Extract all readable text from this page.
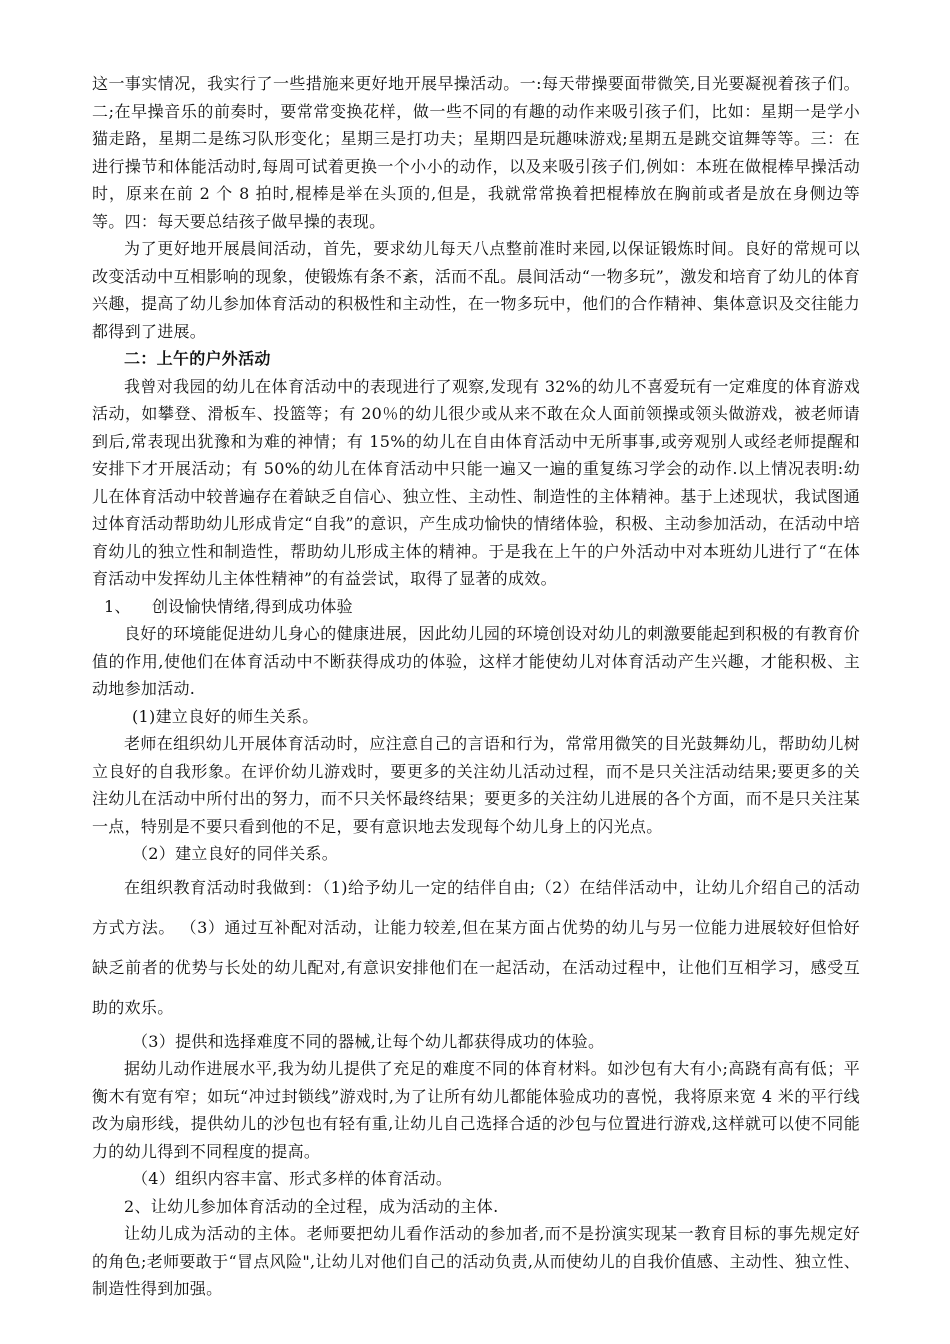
这一事实情况，我实行了一些措施来更好地开展早操活动。一:每天带操要面带微笑,目光要凝视着孩子们。二;在早操音乐的前奏时，要常常变换花样，做一些不同的有趣的动作来吸引孩子们，比如：星期一是学小猫走路，星期二是练习队形变化；星期三是打功夫；星期四是玩趣味游戏;星期五是跳交谊舞等等。三：在进行操节和体能活动时,每周可试着更换一个小小的动作，以及来吸引孩子们,例如：本班在做棍棒早操活动时，原来在前 2 个 8 拍时,棍棒是举在头顶的,但是，我就常常换着把棍棒放在胸前或者是放在身侧边等等。四：每天要总结孩子做早操的表现。

为了更好地开展晨间活动，首先，要求幼儿每天八点整前准时来园,以保证锻炼时间。良好的常规可以改变活动中互相影响的现象，使锻炼有条不紊，活而不乱。晨间活动“一物多玩”，激发和培育了幼儿的体育兴趣，提高了幼儿参加体育活动的积极性和主动性，在一物多玩中，他们的合作精神、集体意识及交往能力都得到了进展。

二：上午的户外活动

我曾对我园的幼儿在体育活动中的表现进行了观察,发现有 32%的幼儿不喜爱玩有一定难度的体育游戏活动，如攀登、滑板车、投篮等；有 20％的幼儿很少或从来不敢在众人面前领操或领头做游戏，被老师请到后,常表现出犹豫和为难的神情；有 15%的幼儿在自由体育活动中无所事事,或旁观别人或经老师提醒和安排下才开展活动；有 50%的幼儿在体育活动中只能一遍又一遍的重复练习学会的动作.以上情况表明:幼儿在体育活动中较普遍存在着缺乏自信心、独立性、主动性、制造性的主体精神。基于上述现状，我试图通过体育活动帮助幼儿形成肯定“自我”的意识，产生成功愉快的情绪体验，积极、主动参加活动，在活动中培育幼儿的独立性和制造性，帮助幼儿形成主体的精神。于是我在上午的户外活动中对本班幼儿进行了“在体育活动中发挥幼儿主体性精神”的有益尝试，取得了显著的成效。

1、 创设愉快情绪,得到成功体验

良好的环境能促进幼儿身心的健康进展，因此幼儿园的环境创设对幼儿的刺激要能起到积极的有教育价值的作用,使他们在体育活动中不断获得成功的体验，这样才能使幼儿对体育活动产生兴趣，才能积极、主动地参加活动.

(1)建立良好的师生关系。

老师在组织幼儿开展体育活动时，应注意自己的言语和行为，常常用微笑的目光鼓舞幼儿，帮助幼儿树立良好的自我形象。在评价幼儿游戏时，要更多的关注幼儿活动过程，而不是只关注活动结果;要更多的关注幼儿在活动中所付出的努力，而不只关怀最终结果；要更多的关注幼儿进展的各个方面，而不是只关注某一点，特别是不要只看到他的不足，要有意识地去发现每个幼儿身上的闪光点。

（2）建立良好的同伴关系。

在组织教育活动时我做到：（1)给予幼儿一定的结伴自由;（2）在结伴活动中，让幼儿介绍自己的活动方式方法。 （3）通过互补配对活动，让能力较差,但在某方面占优势的幼儿与另一位能力进展较好但恰好缺乏前者的优势与长处的幼儿配对,有意识安排他们在一起活动，在活动过程中，让他们互相学习，感受互助的欢乐。

（3）提供和选择难度不同的器械,让每个幼儿都获得成功的体验。

据幼儿动作进展水平,我为幼儿提供了充足的难度不同的体育材料。如沙包有大有小;高跷有高有低；平衡木有宽有窄；如玩“冲过封锁线”游戏时,为了让所有幼儿都能体验成功的喜悦，我将原来宽 4 米的平行线改为扇形线，提供幼儿的沙包也有轻有重,让幼儿自己选择合适的沙包与位置进行游戏,这样就可以使不同能力的幼儿得到不同程度的提高。

（4）组织内容丰富、形式多样的体育活动。

2、让幼儿参加体育活动的全过程，成为活动的主体.

让幼儿成为活动的主体。老师要把幼儿看作活动的参加者,而不是扮演实现某一教育目标的事先规定好的角色;老师要敢于“冒点风险",让幼儿对他们自己的活动负责,从而使幼儿的自我价值感、主动性、独立性、制造性得到加强。
